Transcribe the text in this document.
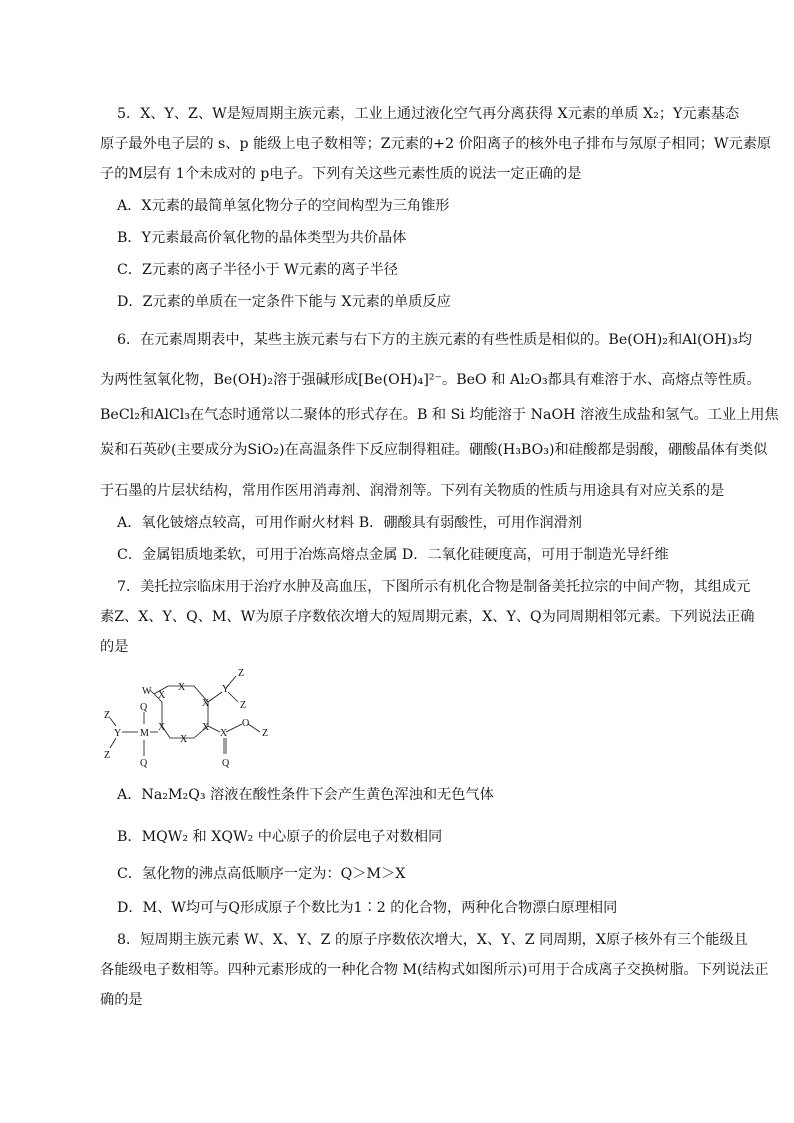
5．X、Y、Z、W是短周期主族元素，工业上通过液化空气再分离获得 X元素的单质 X₂；Y元素基态
原子最外电子层的 s、p 能级上电子数相等；Z元素的+2 价阳离子的核外电子排布与氖原子相同；W元素原
子的M层有 1个未成对的 p电子。下列有关这些元素性质的说法一定正确的是
A．X元素的最简单氢化物分子的空间构型为三角锥形
B．Y元素最高价氧化物的晶体类型为共价晶体
C．Z元素的离子半径小于 W元素的离子半径
D．Z元素的单质在一定条件下能与 X元素的单质反应
6．在元素周期表中，某些主族元素与右下方的主族元素的有些性质是相似的。Be(OH)₂和Al(OH)₃均
为两性氢氧化物，Be(OH)₂溶于强碱形成[Be(OH)₄]²⁻。BeO 和 Al₂O₃都具有难溶于水、高熔点等性质。
BeCl₂和AlCl₃在气态时通常以二聚体的形式存在。B 和 Si 均能溶于 NaOH 溶液生成盐和氢气。工业上用焦
炭和石英砂(主要成分为SiO₂)在高温条件下反应制得粗硅。硼酸(H₃BO₃)和硅酸都是弱酸，硼酸晶体有类似
于石墨的片层状结构，常用作医用消毒剂、润滑剂等。下列有关物质的性质与用途具有对应关系的是
A．氧化铍熔点较高，可用作耐火材料 B．硼酸具有弱酸性，可用作润滑剂
C．金属铝质地柔软，可用于冶炼高熔点金属 D．二氧化硅硬度高，可用于制造光导纤维
7．美托拉宗临床用于治疗水肿及高血压，下图所示有机化合物是制备美托拉宗的中间产物，其组成元
素Z、X、Y、Q、M、W为原子序数依次增大的短周期元素，X、Y、Q为同周期相邻元素。下列说法正确
的是
W X
X
X
X
X
X
Y
Z
Z
Q
M
Q
Y
Z
Z
X
O
Z
Q
A．Na₂M₂Q₃ 溶液在酸性条件下会产生黄色浑浊和无色气体
B．MQW₂ 和 XQW₂ 中心原子的价层电子对数相同
C．氢化物的沸点高低顺序一定为：Q＞M＞X
D．M、W均可与Q形成原子个数比为1∶2 的化合物，两种化合物漂白原理相同
8．短周期主族元素 W、X、Y、Z 的原子序数依次增大，X、Y、Z 同周期，X原子核外有三个能级且
各能级电子数相等。四种元素形成的一种化合物 M(结构式如图所示)可用于合成离子交换树脂。下列说法正
确的是
